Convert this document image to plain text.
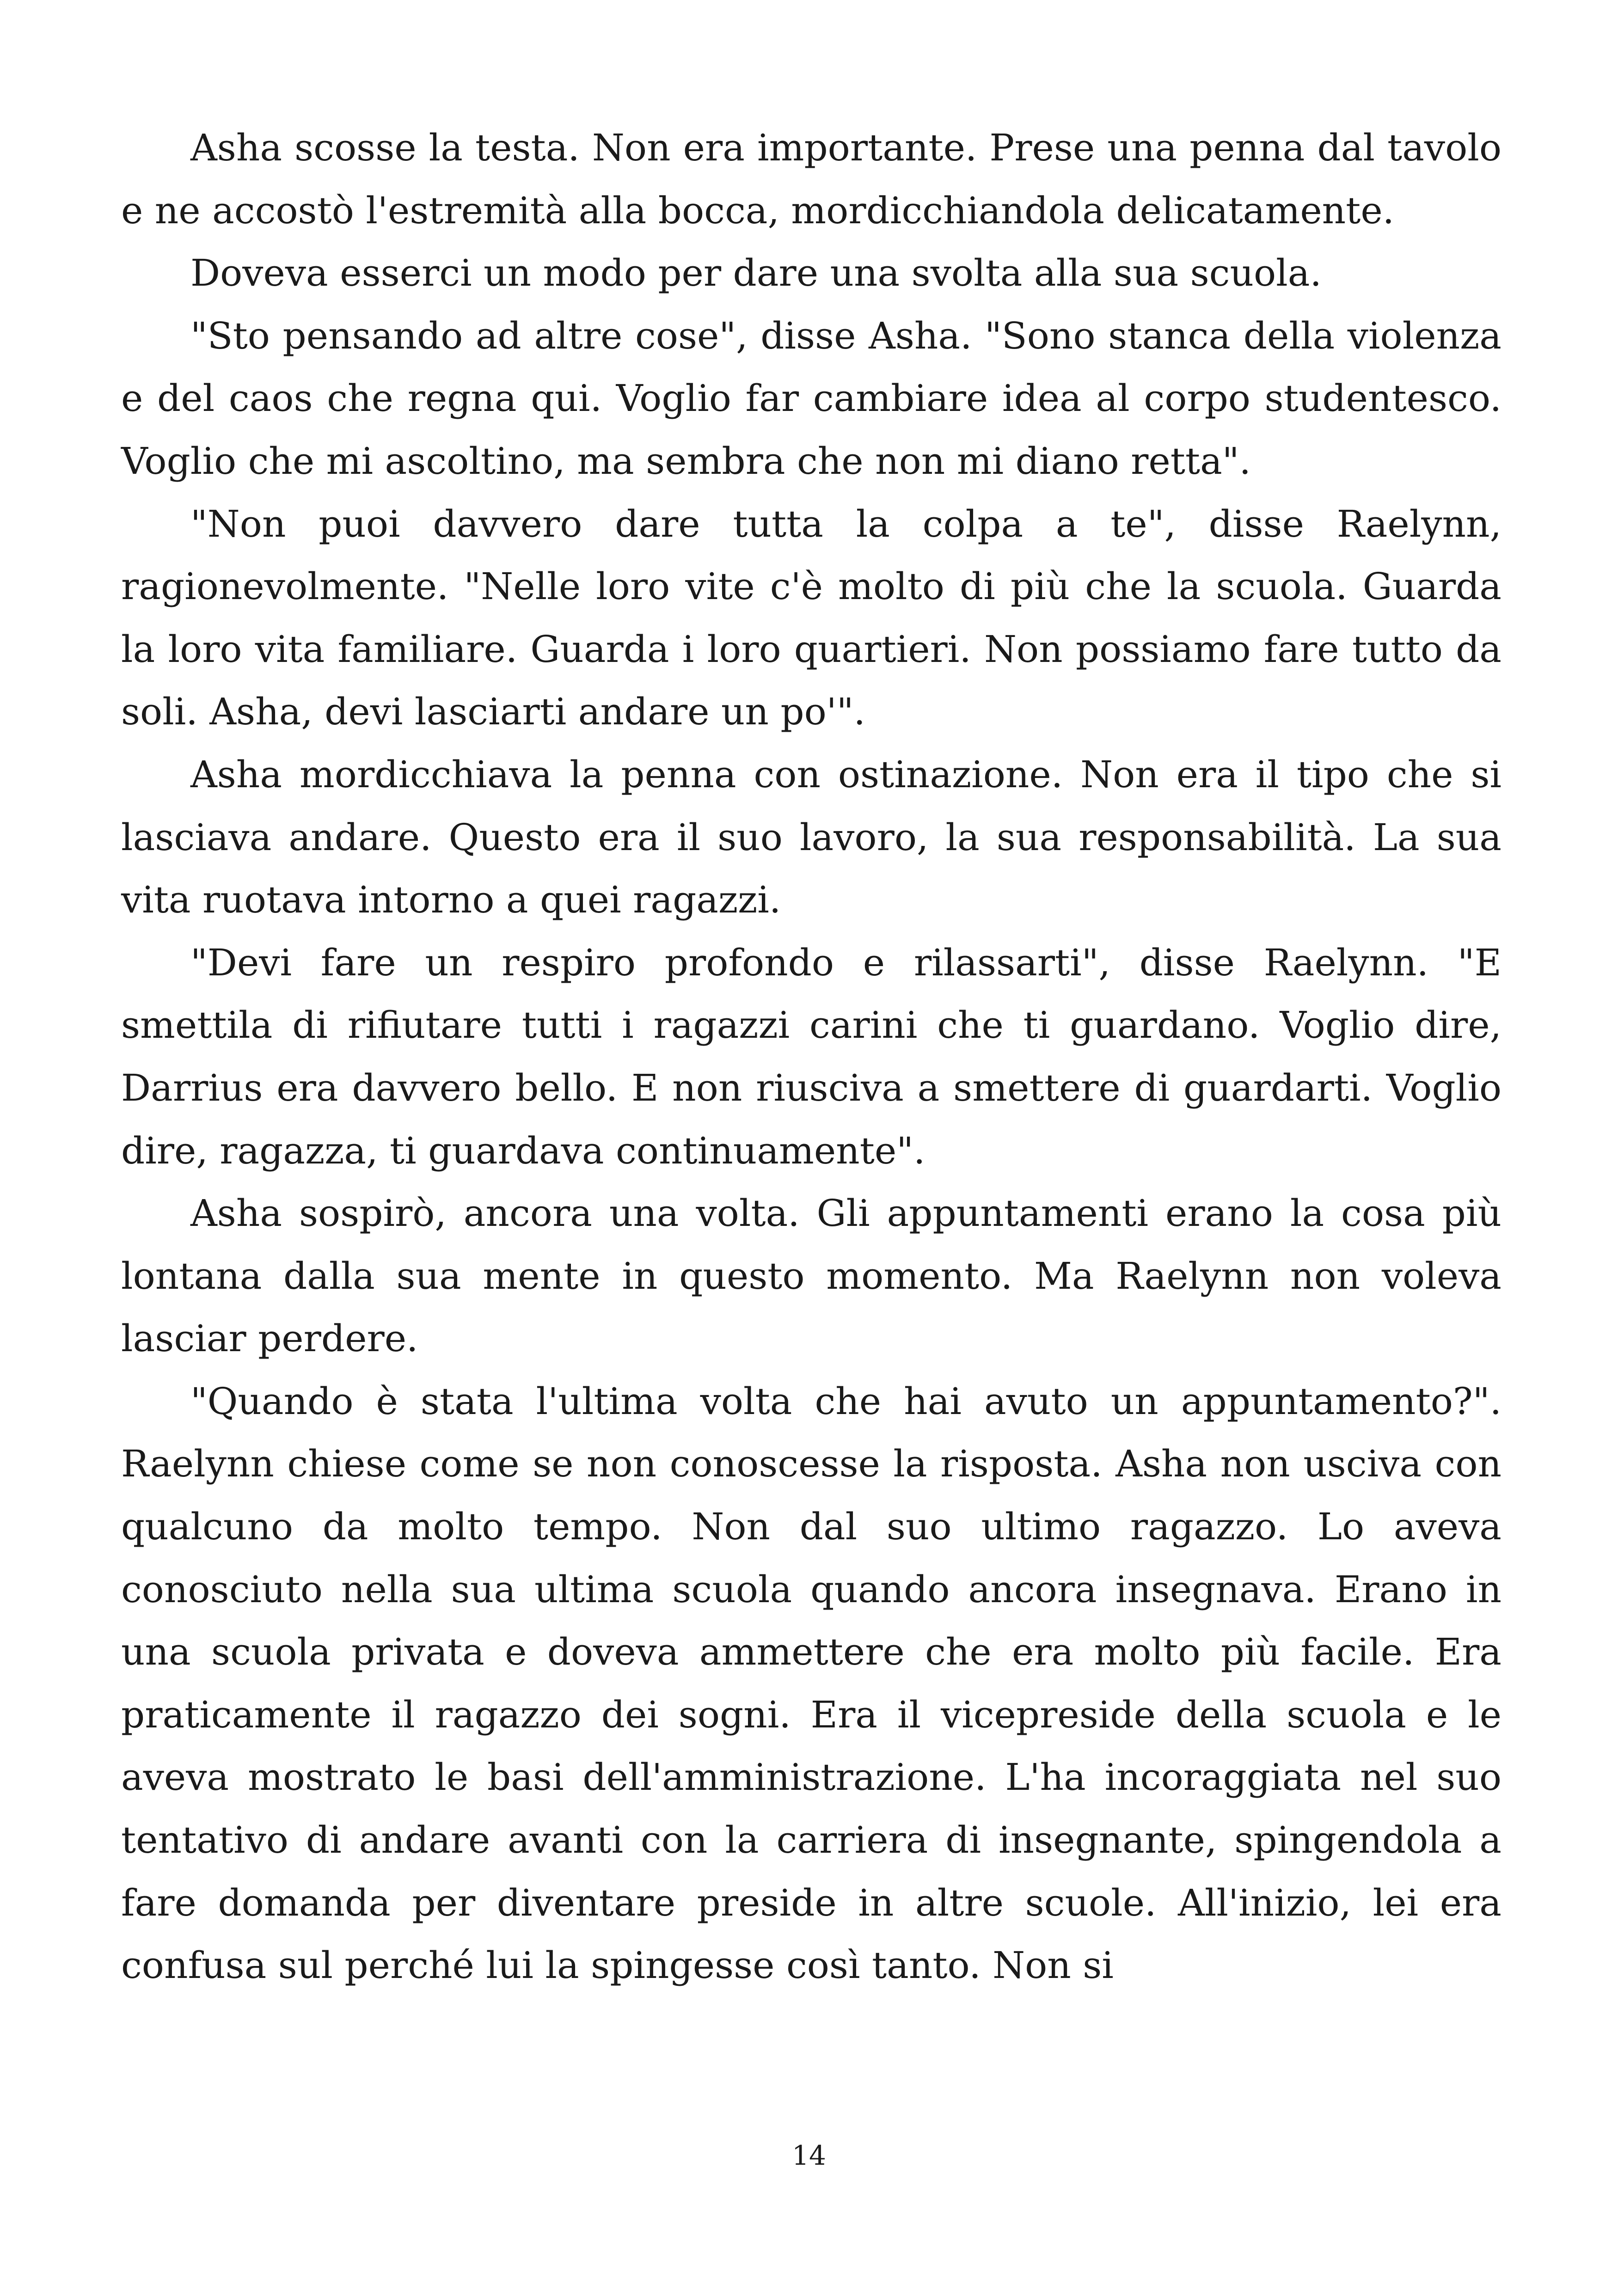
Asha scosse la testa. Non era importante. Prese una penna dal tavolo e ne accostò l'estremità alla bocca, mordicchiandola delicatamente.

Doveva esserci un modo per dare una svolta alla sua scuola.

"Sto pensando ad altre cose", disse Asha. "Sono stanca della violenza e del caos che regna qui. Voglio far cambiare idea al corpo studentesco. Voglio che mi ascoltino, ma sembra che non mi diano retta".

"Non puoi davvero dare tutta la colpa a te", disse Raelynn, ragionevolmente. "Nelle loro vite c'è molto di più che la scuola. Guarda la loro vita familiare. Guarda i loro quartieri. Non possiamo fare tutto da soli. Asha, devi lasciarti andare un po'".

Asha mordicchiava la penna con ostinazione. Non era il tipo che si lasciava andare. Questo era il suo lavoro, la sua responsabilità. La sua vita ruotava intorno a quei ragazzi.

"Devi fare un respiro profondo e rilassarti", disse Raelynn. "E smettila di rifiutare tutti i ragazzi carini che ti guardano. Voglio dire, Darrius era davvero bello. E non riusciva a smettere di guardarti. Voglio dire, ragazza, ti guardava continuamente".

Asha sospirò, ancora una volta. Gli appuntamenti erano la cosa più lontana dalla sua mente in questo momento. Ma Raelynn non voleva lasciar perdere.

"Quando è stata l'ultima volta che hai avuto un appuntamento?". Raelynn chiese come se non conoscesse la risposta. Asha non usciva con qualcuno da molto tempo. Non dal suo ultimo ragazzo. Lo aveva conosciuto nella sua ultima scuola quando ancora insegnava. Erano in una scuola privata e doveva ammettere che era molto più facile. Era praticamente il ragazzo dei sogni. Era il vicepreside della scuola e le aveva mostrato le basi dell'amministrazione. L'ha incoraggiata nel suo tentativo di andare avanti con la carriera di insegnante, spingendola a fare domanda per diventare preside in altre scuole. All'inizio, lei era confusa sul perché lui la spingesse così tanto. Non si

14
